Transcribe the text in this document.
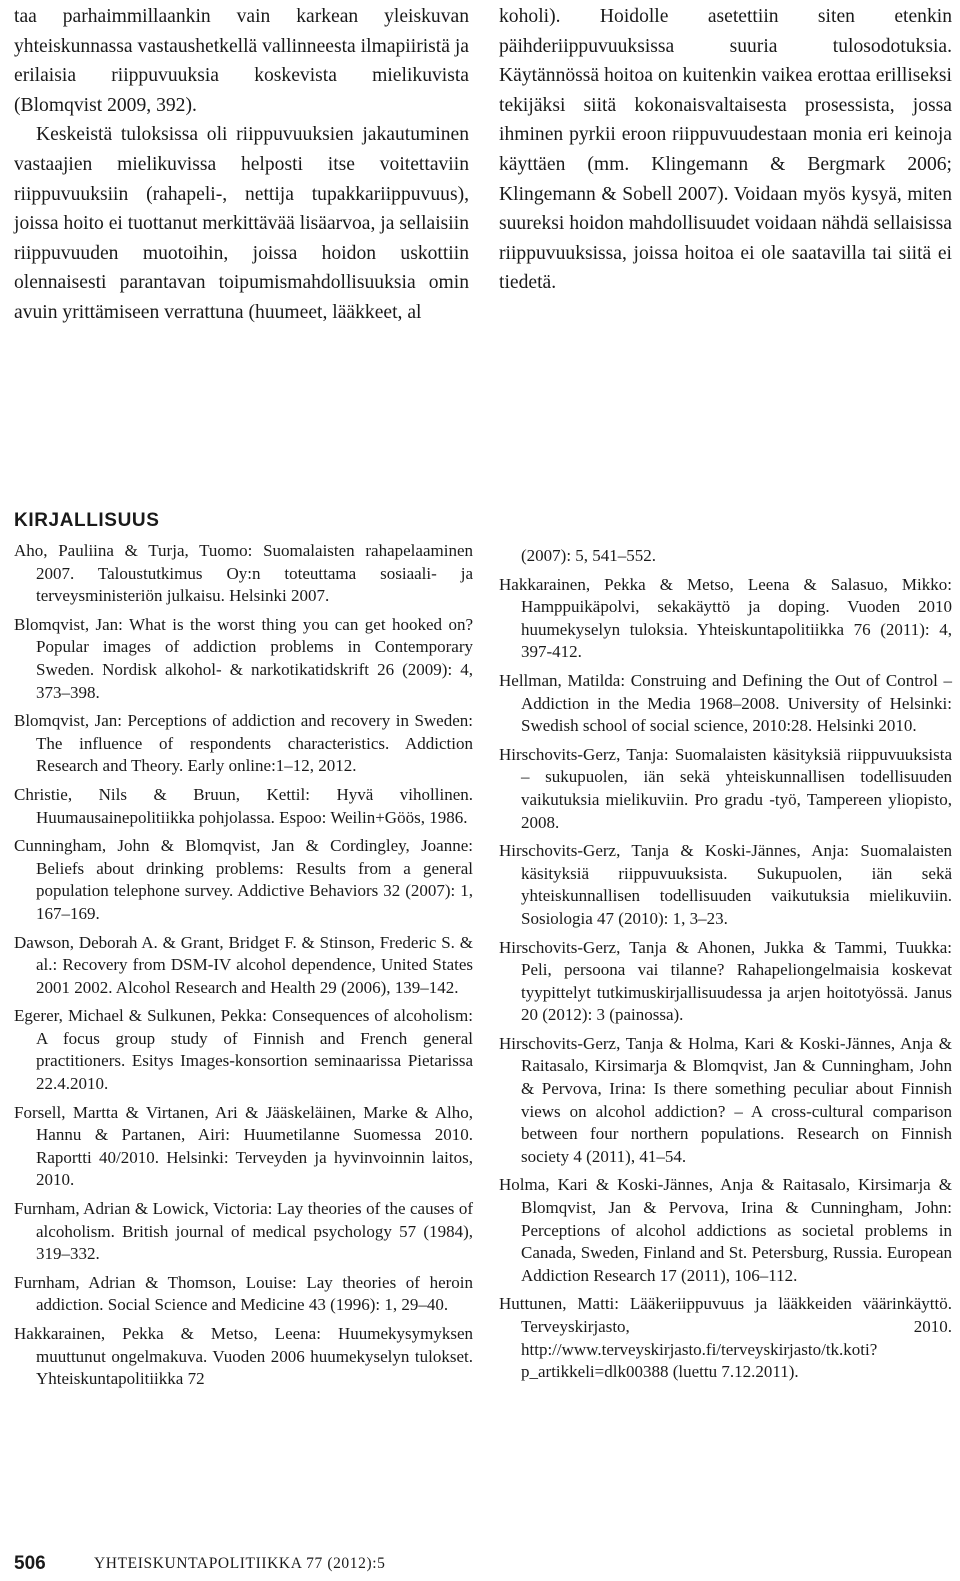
taa parhaimmillaankin vain karkean yleiskuvan yhteiskunnassa vastaushetkellä vallinneesta ilmapiiristä ja erilaisia riippuvuuksia koskevista mielikuvista (Blomqvist 2009, 392).

Keskeistä tuloksissa oli riippuvuuksien jakautuminen vastaajien mielikuvissa helposti itse voitettaviin riippuvuuksiin (rahapeli-, nettija tupakkariippuvuus), joissa hoito ei tuottanut merkittävää lisäarvoa, ja sellaisiin riippuvuuden muotoihin, joissa hoidon uskottiin olennaisesti parantavan toipumismahdollisuuksia omin avuin yrittämiseen verrattuna (huumeet, lääkkeet, al

koholi). Hoidolle asetettiin siten etenkin päihderiippuvuuksissa suuria tulosodotuksia. Käytännössä hoitoa on kuitenkin vaikea erottaa erilliseksi tekijäksi siitä kokonaisvaltaisesta prosessista, jossa ihminen pyrkii eroon riippuvuudestaan monia eri keinoja käyttäen (mm. Klingemann & Bergmark 2006; Klingemann & Sobell 2007). Voidaan myös kysyä, miten suureksi hoidon mahdollisuudet voidaan nähdä sellaisissa riippuvuuksissa, joissa hoitoa ei ole saatavilla tai siitä ei tiedetä.

KIRJALLISUUS
Aho, Pauliina & Turja, Tuomo: Suomalaisten rahapelaaminen 2007. Taloustutkimus Oy:n toteuttama sosiaali- ja terveysministeriön julkaisu. Helsinki 2007.
Blomqvist, Jan: What is the worst thing you can get hooked on? Popular images of addiction problems in Contemporary Sweden. Nordisk alkohol- & narkotikatidskrift 26 (2009): 4, 373–398.
Blomqvist, Jan: Perceptions of addiction and recovery in Sweden: The influence of respondents characteristics. Addiction Research and Theory. Early online:1–12, 2012.
Christie, Nils & Bruun, Kettil: Hyvä vihollinen. Huumausainepolitiikka pohjolassa. Espoo: Weilin+Göös, 1986.
Cunningham, John & Blomqvist, Jan & Cordingley, Joanne: Beliefs about drinking problems: Results from a general population telephone survey. Addictive Behaviors 32 (2007): 1, 167–169.
Dawson, Deborah A. & Grant, Bridget F. & Stinson, Frederic S. & al.: Recovery from DSM-IV alcohol dependence, United States 2001 2002. Alcohol Research and Health 29 (2006), 139–142.
Egerer, Michael & Sulkunen, Pekka: Consequences of alcoholism: A focus group study of Finnish and French general practitioners. Esitys Images-konsortion seminaarissa Pietarissa 22.4.2010.
Forsell, Martta & Virtanen, Ari & Jääskeläinen, Marke & Alho, Hannu & Partanen, Airi: Huumetilanne Suomessa 2010. Raportti 40/2010. Helsinki: Terveyden ja hyvinvoinnin laitos, 2010.
Furnham, Adrian & Lowick, Victoria: Lay theories of the causes of alcoholism. British journal of medical psychology 57 (1984), 319–332.
Furnham, Adrian & Thomson, Louise: Lay theories of heroin addiction. Social Science and Medicine 43 (1996): 1, 29–40.
Hakkarainen, Pekka & Metso, Leena: Huumekysymyksen muuttunut ongelmakuva. Vuoden 2006 huumekyselyn tulokset. Yhteiskuntapolitiikka 72
(2007): 5, 541–552.
Hakkarainen, Pekka & Metso, Leena & Salasuo, Mikko: Hamppuikäpolvi, sekakäyttö ja doping. Vuoden 2010 huumekyselyn tuloksia. Yhteiskuntapolitiikka 76 (2011): 4, 397-412.
Hellman, Matilda: Construing and Defining the Out of Control – Addiction in the Media 1968–2008. University of Helsinki: Swedish school of social science, 2010:28. Helsinki 2010.
Hirschovits-Gerz, Tanja: Suomalaisten käsityksiä riippuvuuksista – sukupuolen, iän sekä yhteiskunnallisen todellisuuden vaikutuksia mielikuviin. Pro gradu -työ, Tampereen yliopisto, 2008.
Hirschovits-Gerz, Tanja & Koski-Jännes, Anja: Suomalaisten käsityksiä riippuvuuksista. Sukupuolen, iän sekä yhteiskunnallisen todellisuuden vaikutuksia mielikuviin. Sosiologia 47 (2010): 1, 3–23.
Hirschovits-Gerz, Tanja & Ahonen, Jukka & Tammi, Tuukka: Peli, persoona vai tilanne? Rahapeliongelmaisia koskevat tyypittelyt tutkimuskirjallisuudessa ja arjen hoitotyössä. Janus 20 (2012): 3 (painossa).
Hirschovits-Gerz, Tanja & Holma, Kari & Koski-Jännes, Anja & Raitasalo, Kirsimarja & Blomqvist, Jan & Cunningham, John & Pervova, Irina: Is there something peculiar about Finnish views on alcohol addiction? – A cross-cultural comparison between four northern populations. Research on Finnish society 4 (2011), 41–54.
Holma, Kari & Koski-Jännes, Anja & Raitasalo, Kirsimarja & Blomqvist, Jan & Pervova, Irina & Cunningham, John: Perceptions of alcohol addictions as societal problems in Canada, Sweden, Finland and St. Petersburg, Russia. European Addiction Research 17 (2011), 106–112.
Huttunen, Matti: Lääkeriippuvuus ja lääkkeiden väärinkäyttö. Terveyskirjasto, 2010. http://www.terveyskirjasto.fi/terveyskirjasto/tk.koti?p_artikkeli=dlk00388 (luettu 7.12.2011).
506	YHTEISKUNTAPOLITIIKKA 77 (2012):5
